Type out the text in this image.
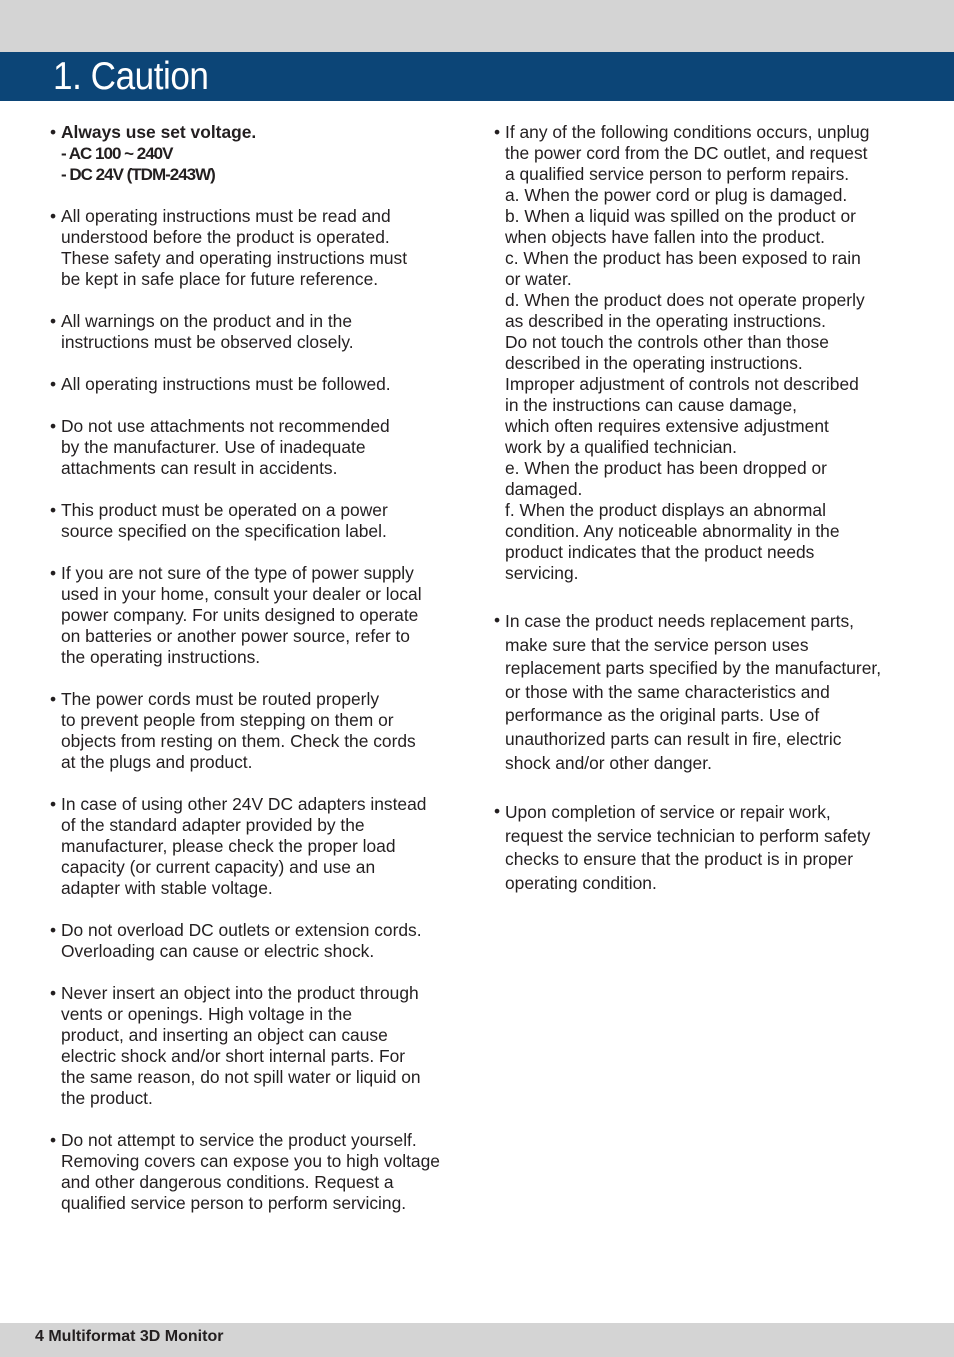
1. Caution
• Always use set voltage.
- AC 100 ~ 240V
- DC 24V (TDM-243W)
• All operating instructions must be read and
understood before the product is operated.
These safety and operating instructions must
be kept in safe place for future reference.
• All warnings on the product and in the
instructions must be observed closely.
• All operating instructions must be followed.
• Do not use attachments not recommended
by the manufacturer. Use of inadequate
attachments can result in accidents.
• This product must be operated on a power
source specified on the specification label.
• If you are not sure of the type of power supply
used in your home, consult your dealer or local
power company. For units designed to operate
on batteries or another power source, refer to
the operating instructions.
• The power cords must be routed properly
to prevent people from stepping on them or
objects from resting on them. Check the cords
at the plugs and product.
• In case of using other 24V DC adapters instead
of the standard adapter provided by the
manufacturer, please check the proper load
capacity (or current capacity) and use an
adapter with stable voltage.
• Do not overload DC outlets or extension cords.
Overloading can cause or electric shock.
• Never insert an object into the product through
vents or openings. High voltage in the
product, and inserting an object can cause
electric shock and/or short internal parts. For
the same reason, do not spill water or liquid on
the product.
• Do not attempt to service the product yourself.
Removing covers can expose you to high voltage
and other dangerous conditions. Request a
qualified service person to perform servicing.
• If any of the following conditions occurs, unplug
the power cord from the DC outlet, and request
a qualified service person to perform repairs.
a. When the power cord or plug is damaged.
b. When a liquid was spilled on the product or
when objects have fallen into the product.
c. When the product has been exposed to rain
or water.
d. When the product does not operate properly
as described in the operating instructions.
Do not touch the controls other than those
described in the operating instructions.
Improper adjustment of controls not described
in the instructions can cause damage,
which often requires extensive adjustment
work by a qualified technician.
e. When the product has been dropped or
damaged.
f. When the product displays an abnormal
condition. Any noticeable abnormality in the
product indicates that the product needs
servicing.
• In case the product needs replacement parts,
make sure that the service person uses
replacement parts specified by the manufacturer,
or those with the same characteristics and
performance as the original parts. Use of
unauthorized parts can result in fire, electric
shock and/or other danger.
• Upon completion of service or repair work,
request the service technician to perform safety
checks to ensure that the product is in proper
operating condition.
4 Multiformat 3D Monitor
